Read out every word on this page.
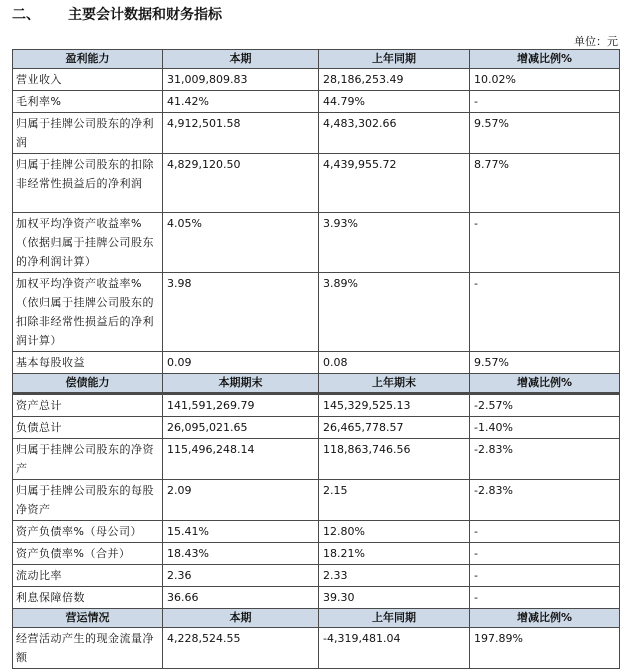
二、 主要会计数据和财务指标
单位：元
盈利能力	本期	上年同期	增减比例%
营业收入	31,009,809.83	28,186,253.49	10.02%
毛利率%	41.42%	44.79%	-
归属于挂牌公司股东的净利润	4,912,501.58	4,483,302.66	9.57%
归属于挂牌公司股东的扣除非经常性损益后的净利润	4,829,120.50	4,439,955.72	8.77%
加权平均净资产收益率%（依据归属于挂牌公司股东的净利润计算）	4.05%	3.93%	-
加权平均净资产收益率%（依归属于挂牌公司股东的扣除非经常性损益后的净利润计算）	3.98	3.89%	-
基本每股收益	0.09	0.08	9.57%
偿债能力	本期期末	上年期末	增减比例%
资产总计	141,591,269.79	145,329,525.13	-2.57%
负债总计	26,095,021.65	26,465,778.57	-1.40%
归属于挂牌公司股东的净资产	115,496,248.14	118,863,746.56	-2.83%
归属于挂牌公司股东的每股净资产	2.09	2.15	-2.83%
资产负债率%（母公司）	15.41%	12.80%	-
资产负债率%（合并）	18.43%	18.21%	-
流动比率	2.36	2.33	-
利息保障倍数	36.66	39.30	-
营运情况	本期	上年同期	增减比例%
经营活动产生的现金流量净额	4,228,524.55	-4,319,481.04	197.89%
